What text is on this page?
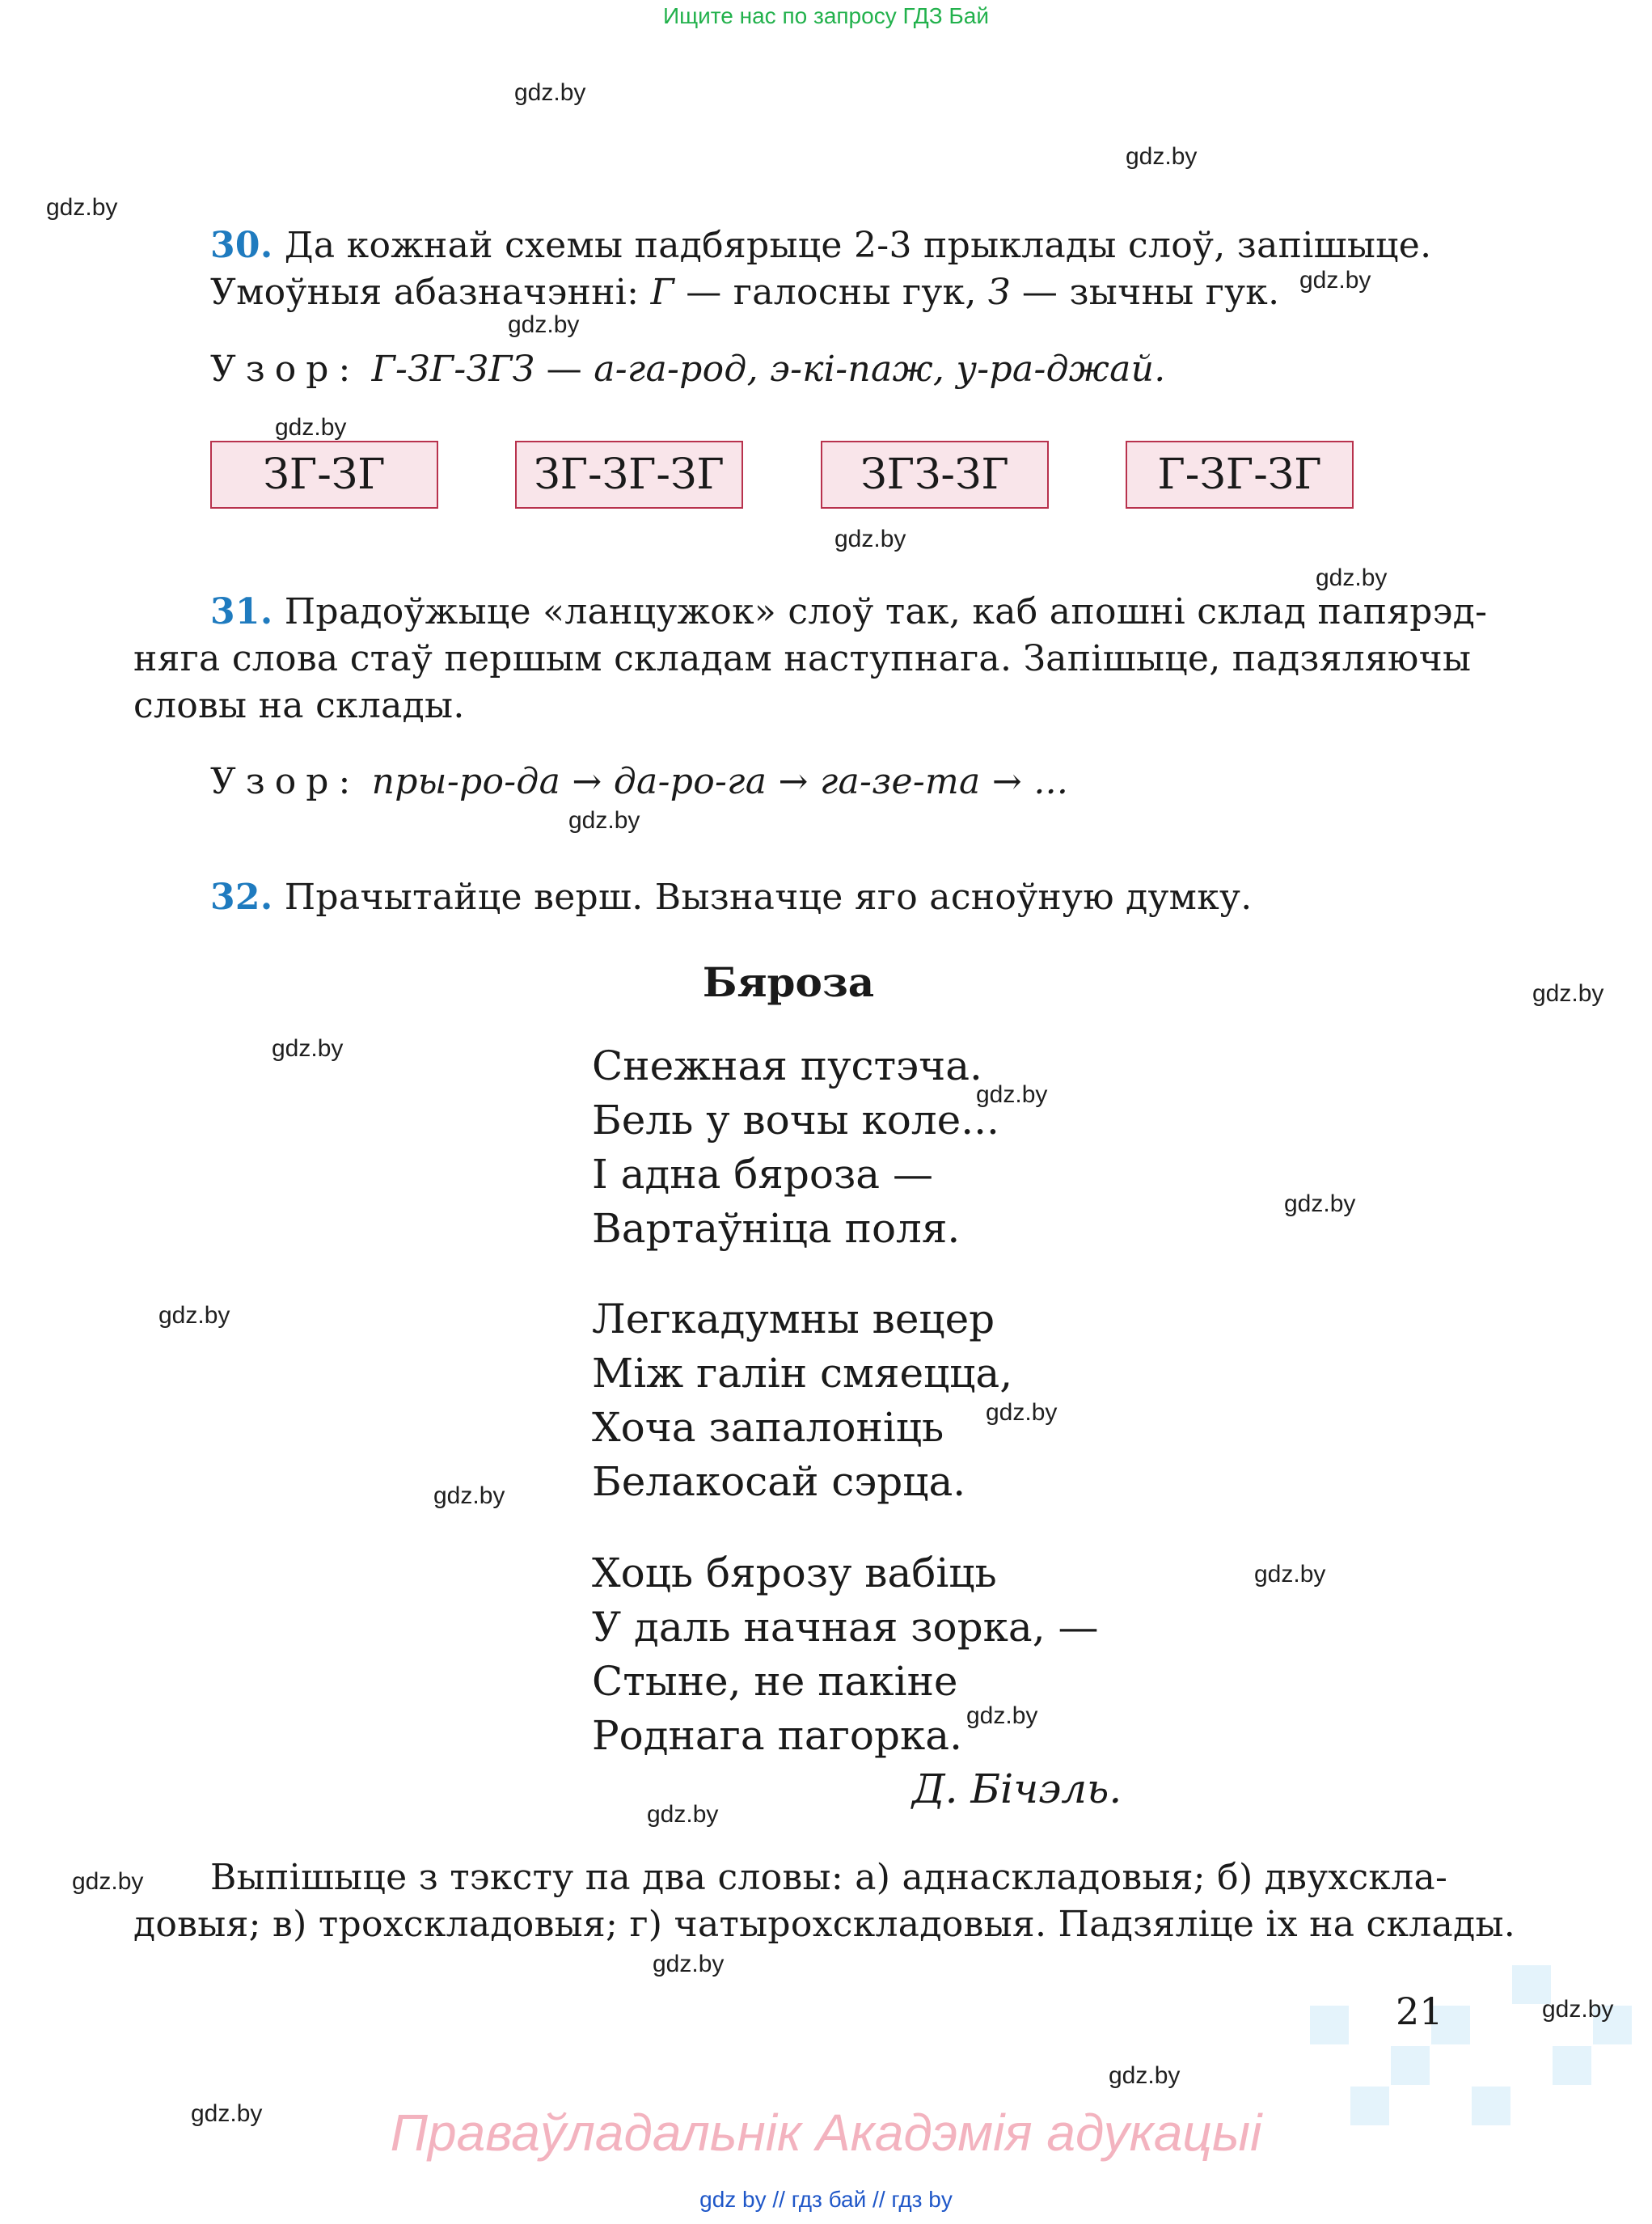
Ищите нас по запросу ГДЗ Бай
30. Да кожнай схемы падбярыце 2-3 прыклады слоў, запішыце.
Умоўныя абазначэнні: Г — галосны гук, З — зычны гук.
Узор: Г-ЗГ-ЗГЗ — а-га-род, э-кі-паж, у-ра-джай.
ЗГ-ЗГ	ЗГ-ЗГ-ЗГ	ЗГЗ-ЗГ	Г-ЗГ-ЗГ
31. Прадоўжыце «ланцужок» слоў так, каб апошні склад папярэд-
няга слова стаў першым складам наступнага. Запішыце, падзяляючы
словы на склады.
Узор: пры-ро-да → да-ро-га → га-зе-та → ...
32. Прачытайце верш. Вызначце яго асноўную думку.
Бяроза
Снежная пустэча.
Бель у вочы коле...
І адна бяроза —
Вартаўніца поля.
Легкадумны вецер
Між галін смяецца,
Хоча запалоніць
Белакосай сэрца.
Хоць бярозу вабіць
У даль начная зорка, —
Стыне, не пакіне
Роднага пагорка.
Д. Бічэль.
Выпішыце з тэксту па два словы: а) аднаскладовыя; б) двухскла-
довыя; в) трохскладовыя; г) чатырохскладовыя. Падзяліце іх на склады.
21
Праваўладальнік Акадэмія адукацыі
gdz by // гдз бай // гдз by
gdz.by
gdz.by
gdz.by
gdz.by
gdz.by
gdz.by
gdz.by
gdz.by
gdz.by
gdz.by
gdz.by
gdz.by
gdz.by
gdz.by
gdz.by
gdz.by
gdz.by
gdz.by
gdz.by
gdz.by
gdz.by
gdz.by
gdz.by
gdz.by
